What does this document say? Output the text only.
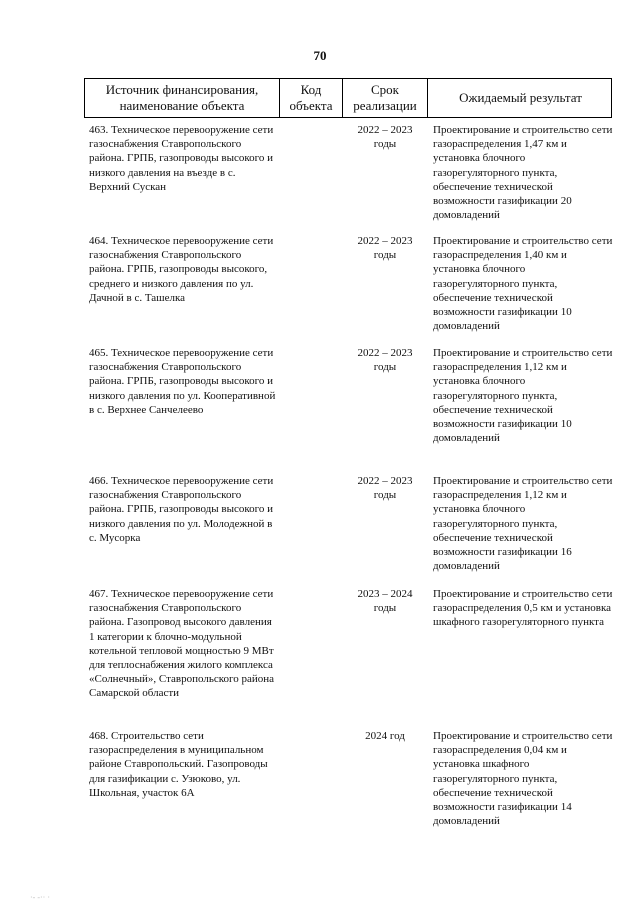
70
Источник финансирования, наименование объекта
Код объекта
Срок реализации
Ожидаемый результат
463. Техническое перевооружение сети газоснабжения Ставропольского района. ГРПБ, газопроводы высокого и низкого давления на въезде в с. Верхний Сускан
2022 – 2023 годы
Проектирование и строительство сети газораспределения 1,47 км и установка блочного газорегуляторного пункта, обеспечение технической возможности газификации 20 домовладений
464. Техническое перевооружение сети газоснабжения Ставропольского района. ГРПБ, газопроводы высокого, среднего и низкого давления по ул. Дачной в с. Ташелка
2022 – 2023 годы
Проектирование и строительство сети газораспределения 1,40 км и установка блочного газорегуляторного пункта, обеспечение технической возможности газификации 10 домовладений
465. Техническое перевооружение сети газоснабжения Ставропольского района. ГРПБ, газопроводы высокого и низкого давления по ул. Кооперативной в с. Верхнее Санчелеево
2022 – 2023 годы
Проектирование и строительство сети газораспределения 1,12 км и установка блочного газорегуляторного пункта, обеспечение технической возможности газификации 10 домовладений
466. Техническое перевооружение сети газоснабжения Ставропольского района. ГРПБ, газопроводы высокого и низкого давления по ул. Молодежной в с. Мусорка
2022 – 2023 годы
Проектирование и строительство сети газораспределения 1,12 км и установка блочного газорегуляторного пункта, обеспечение технической возможности газификации 16 домовладений
467. Техническое перевооружение сети газоснабжения Ставропольского района. Газопровод высокого давления 1 категории к блочно-модульной котельной тепловой мощностью 9 МВт для теплоснабжения жилого комплекса «Солнечный», Ставропольского района Самарской области
2023 – 2024 годы
Проектирование и строительство сети газораспределения 0,5 км и установка шкафного газорегуляторного пункта
468. Строительство сети газораспределения в муниципальном районе Ставропольский. Газопроводы для газификации с. Узюково, ул. Школьная, участок 6А
2024 год	Проектирование и строительство сети газораспределения 0,04 км и установка шкафного газорегуляторного пункта, обеспечение технической возможности газификации 14 домовладений
·- -·· ·
